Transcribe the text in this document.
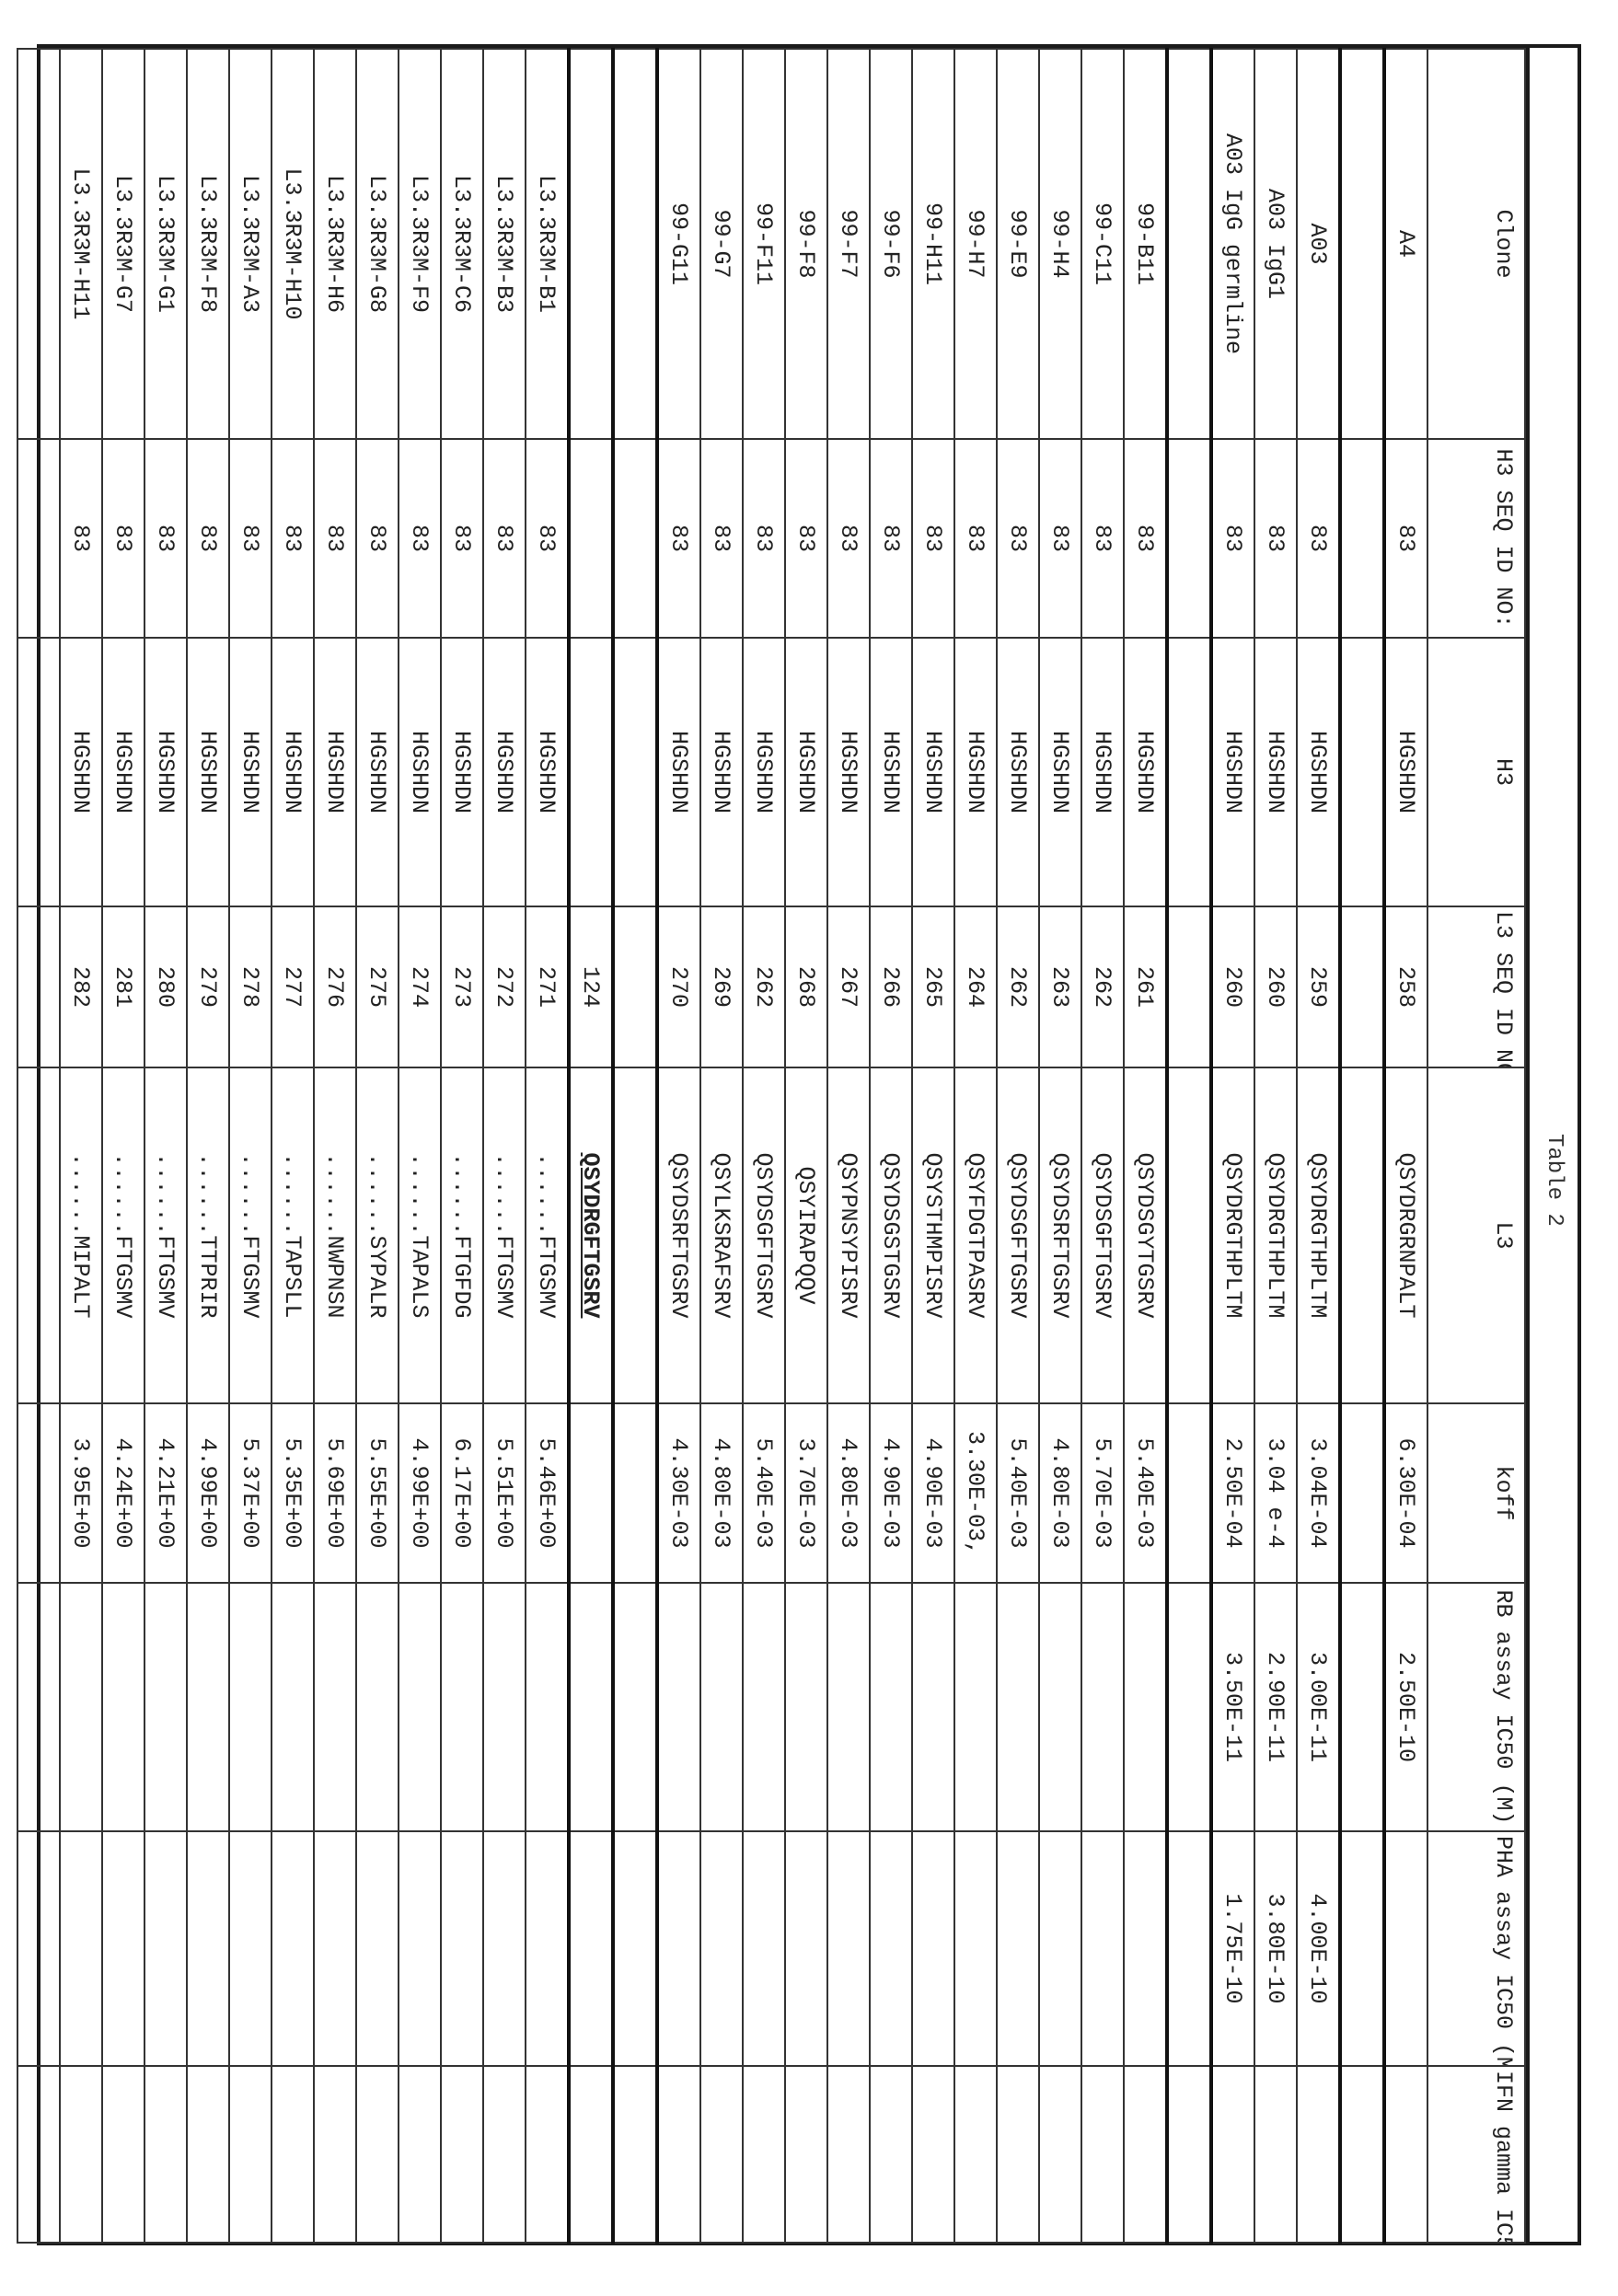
Table 2
Clone	H3 SEQ ID NO:	H3	L3 SEQ ID NO:	L3	koff	RB assay IC50 (M)	PHA assay IC50 (M)	IFN gamma IC50 (M)
A4	83	HGSHDN	258	QSYDRGRNPALT	6.30E-04	2.50E-10		

A03	83	HGSHDN	259	QSYDRGTHPLTM	3.04E-04	3.00E-11	4.00E-10	
A03 IgG1	83	HGSHDN	260	QSYDRGTHPLTM	3.04 e-4	2.90E-11	3.80E-10	
A03 IgG germline	83	HGSHDN	260	QSYDRGTHPLTM	2.50E-04	3.50E-11	1.75E-10	

99-B11	83	HGSHDN	261	QSYDSGYTGSRV	5.40E-03			
99-C11	83	HGSHDN	262	QSYDSGFTGSRV	5.70E-03			
99-H4	83	HGSHDN	263	QSYDSRFTGSRV	4.80E-03			
99-E9	83	HGSHDN	262	QSYDSGFTGSRV	5.40E-03			
99-H7	83	HGSHDN	264	QSYFDGTPASRV	3.30E-03,			
99-H11	83	HGSHDN	265	QSYSTHMPISRV	4.90E-03			
99-F6	83	HGSHDN	266	QSYDSGSTGSRV	4.90E-03			
99-F7	83	HGSHDN	267	QSYPNSYPISRV	4.80E-03			
99-F8	83	HGSHDN	268	QSYIRAPQQV	3.70E-03			
99-F11	83	HGSHDN	262	QSYDSGFTGSRV	5.40E-03			
99-G7	83	HGSHDN	269	QSYLKSRAFSRV	4.80E-03			
99-G11	83	HGSHDN	270	QSYDSRFTGSRV	4.30E-03			

			124	QSYDRGFTGSRV				
L3.3R3M-B1	83	HGSHDN	271	......FTGSMV	5.46E+00			
L3.3R3M-B3	83	HGSHDN	272	......FTGSMV	5.51E+00			
L3.3R3M-C6	83	HGSHDN	273	......FTGFDG	6.17E+00			
L3.3R3M-F9	83	HGSHDN	274	......TAPALS	4.99E+00			
L3.3R3M-G8	83	HGSHDN	275	......SYPALR	5.55E+00			
L3.3R3M-H6	83	HGSHDN	276	......NWPNSN	5.69E+00			
L3.3R3M-H10	83	HGSHDN	277	......TAPSLL	5.35E+00			
L3.3R3M-A3	83	HGSHDN	278	......FTGSMV	5.37E+00			
L3.3R3M-F8	83	HGSHDN	279	......TTPRIR	4.99E+00			
L3.3R3M-G1	83	HGSHDN	280	......FTGSMV	4.21E+00			
L3.3R3M-G7	83	HGSHDN	281	......FTGSMV	4.24E+00			
L3.3R3M-H11	83	HGSHDN	282	......MIPALT	3.95E+00			
